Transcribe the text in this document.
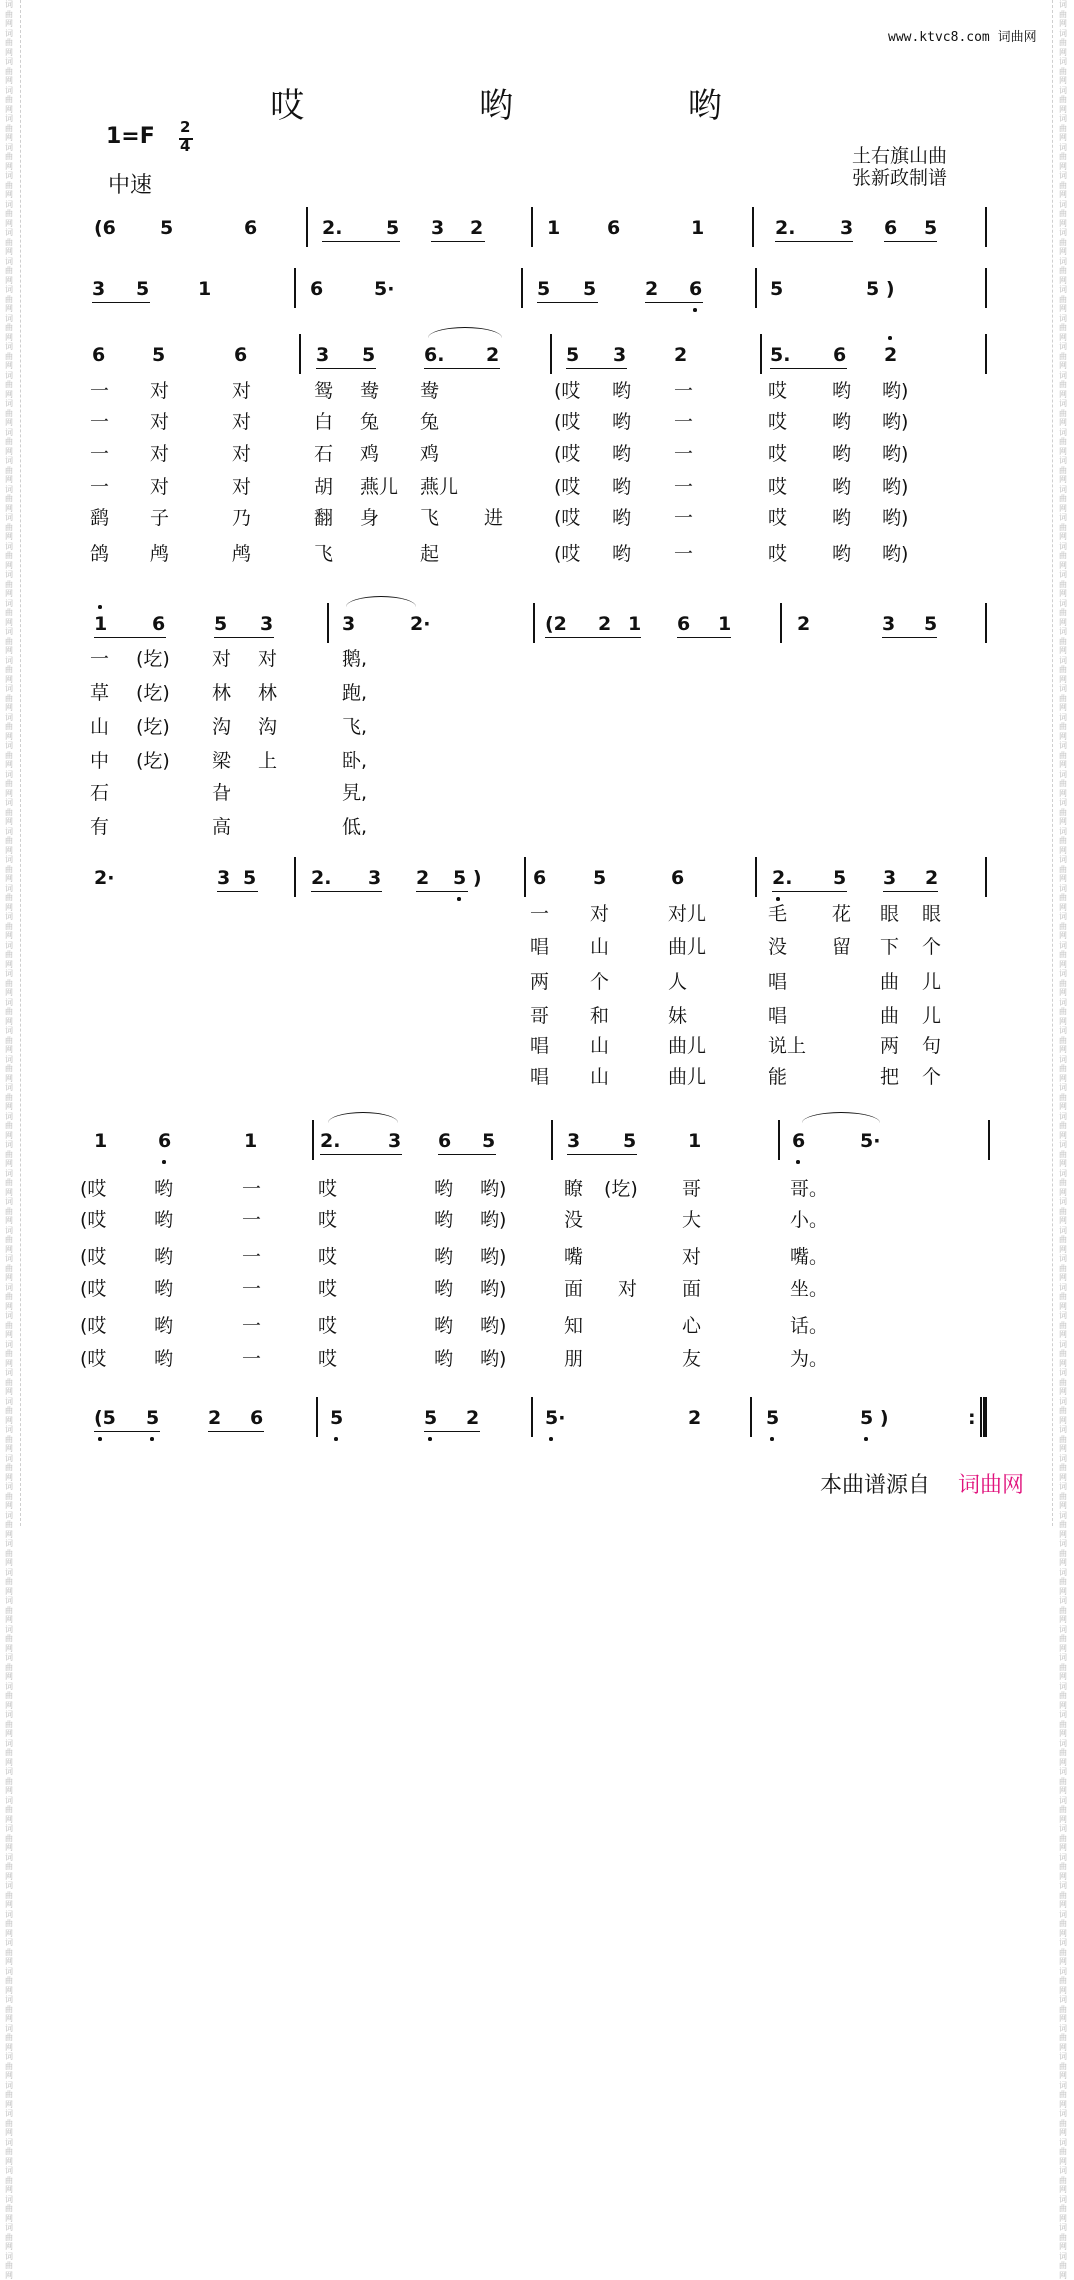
词曲网词曲网词曲网词曲网词曲网词曲网词曲网词曲网词曲网词曲网词曲网词曲网词曲网词曲网词曲网词曲网词曲网词曲网词曲网词曲网词曲网词曲网词曲网词曲网词曲网词曲网词曲网词曲网词曲网词曲网词曲网词曲网词曲网词曲网词曲网词曲网词曲网词曲网词曲网词曲网词曲网词曲网词曲网词曲网词曲网词曲网词曲网词曲网词曲网词曲网词曲网词曲网词曲网词曲网词曲网词曲网词曲网词曲网词曲网词曲网词曲网词曲网词曲网词曲网词曲网词曲网词曲网词曲网词曲网词曲网词曲网词曲网词曲网词曲网词曲网词曲网词曲网词曲网词曲网词曲网
词曲网词曲网词曲网词曲网词曲网词曲网词曲网词曲网词曲网词曲网词曲网词曲网词曲网词曲网词曲网词曲网词曲网词曲网词曲网词曲网词曲网词曲网词曲网词曲网词曲网词曲网词曲网词曲网词曲网词曲网词曲网词曲网词曲网词曲网词曲网词曲网词曲网词曲网词曲网词曲网词曲网词曲网词曲网词曲网词曲网词曲网词曲网词曲网词曲网词曲网词曲网词曲网词曲网词曲网词曲网词曲网词曲网词曲网词曲网词曲网词曲网词曲网词曲网词曲网词曲网词曲网词曲网词曲网词曲网词曲网词曲网词曲网词曲网词曲网词曲网词曲网词曲网词曲网词曲网词曲网
www.ktvc8.com 词曲网
哎 哟 哟
1=F 2
4
中速
土右旗山曲
张新政制谱
(6 5	6	2. 5 3 2	1 6	1	2. 3 6 5
3 5	1	6	5·	5 5	2 6	5	5 )
6 5	6	3 5	6. 2	5 3	2	5. 6 2
一 对	对	鸳 鸯 鸯	(哎 哟 一	哎 哟 哟)
一 对	对	白 兔 兔	(哎 哟 一	哎 哟 哟)
一 对	对	石 鸡 鸡	(哎 哟 一	哎 哟 哟)
一 对	对	胡 燕儿 燕儿	(哎 哟 一	哎 哟 哟)
鹞 子	乃	翻 身 飞 进	(哎 哟 一	哎 哟 哟)
鸽 鸬	鸬	飞	起	(哎 哟 一	哎 哟 哟)
1 6	5 3	3	2·	(2 2 1 6 1	2	3 5
一 (圪) 对 对	鹅,
草 (圪) 林 林	跑,
山 (圪) 沟 沟	飞,
中 (圪) 梁 上	卧,
石	旮	旯,
有	高	低,
2·	3 5	2. 3 2 5 )	6 5	6	2. 5 3 2
一 对	对儿	毛 花 眼 眼
唱 山	曲儿	没 留 下 个
两 个	人	唱	曲 儿
哥 和	妹	唱	曲 儿
唱 山	曲儿	说上	两 句
唱 山	曲儿	能	把 个
1	6	1	2.	3 6 5	3 5	1	6	5·
(哎	哟	一	哎	哟 哟)	瞭 (圪) 哥	哥。
(哎	哟	一	哎	哟 哟)	没	大	小。
(哎	哟	一	哎	哟 哟)	嘴	对	嘴。
(哎	哟	一	哎	哟 哟)	面 对 面	坐。
(哎	哟	一	哎	哟 哟)	知	心	话。
(哎	哟	一	哎	哟 哟)	朋	友	为。
(5 5	2 6	5	5 2	5·	2	5	5 )	:
本曲谱源自 词曲网
